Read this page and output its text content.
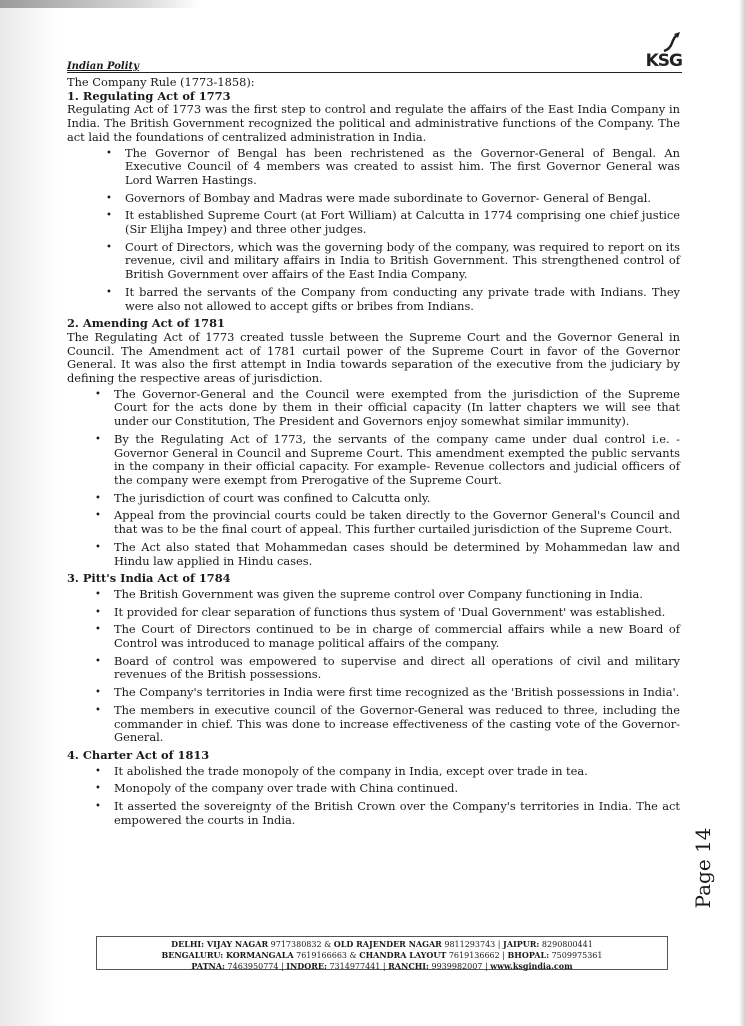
Indian Polity	KSG

The Company Rule (1773-1858):

1. Regulating Act of 1773

Regulating Act of 1773 was the first step to control and regulate the affairs of the East India Company in India. The British Government recognized the political and administrative functions of the Company. The act laid the foundations of centralized administration in India.

• The Governor of Bengal has been rechristened as the Governor-General of Bengal. An Executive Council of 4 members was created to assist him. The first Governor General was Lord Warren Hastings.
• Governors of Bombay and Madras were made subordinate to Governor- General of Bengal.
• It established Supreme Court (at Fort William) at Calcutta in 1774 comprising one chief justice (Sir Elijha Impey) and three other judges.
• Court of Directors, which was the governing body of the company, was required to report on its revenue, civil and military affairs in India to British Government. This strengthened control of British Government over affairs of the East India Company.
• It barred the servants of the Company from conducting any private trade with Indians. They were also not allowed to accept gifts or bribes from Indians.
2. Amending Act of 1781

The Regulating Act of 1773 created tussle between the Supreme Court and the Governor General in Council. The Amendment act of 1781 curtail power of the Supreme Court in favor of the Governor General. It was also the first attempt in India towards separation of the executive from the judiciary by defining the respective areas of jurisdiction.

• The Governor-General and the Council were exempted from the jurisdiction of the Supreme Court for the acts done by them in their official capacity (In latter chapters we will see that under our Constitution, The President and Governors enjoy somewhat similar immunity).
• By the Regulating Act of 1773, the servants of the company came under dual control i.e. - Governor General in Council and Supreme Court. This amendment exempted the public servants in the company in their official capacity. For example- Revenue collectors and judicial officers of the company were exempt from Prerogative of the Supreme Court.
• The jurisdiction of court was confined to Calcutta only.
• Appeal from the provincial courts could be taken directly to the Governor General's Council and that was to be the final court of appeal. This further curtailed jurisdiction of the Supreme Court.
• The Act also stated that Mohammedan cases should be determined by Mohammedan law and Hindu law applied in Hindu cases.
3. Pitt's India Act of 1784
• The British Government was given the supreme control over Company functioning in India.
• It provided for clear separation of functions thus system of 'Dual Government' was established.
• The Court of Directors continued to be in charge of commercial affairs while a new Board of Control was introduced to manage political affairs of the company.
• Board of control was empowered to supervise and direct all operations of civil and military revenues of the British possessions.
• The Company's territories in India were first time recognized as the 'British possessions in India'.
• The members in executive council of the Governor-General was reduced to three, including the commander in chief. This was done to increase effectiveness of the casting vote of the Governor-General.
4. Charter Act of 1813
• It abolished the trade monopoly of the company in India, except over trade in tea.
• Monopoly of the company over trade with China continued.
• It asserted the sovereignty of the British Crown over the Company's territories in India. The act empowered the courts in India.
Page 14
DELHI: VIJAY NAGAR 9717380832 & OLD RAJENDER NAGAR 9811293743 | JAIPUR: 8290800441
BENGALURU: KORMANGALA 7619166663 & CHANDRA LAYOUT 7619136662 | BHOPAL: 7509975361
PATNA: 7463950774 | INDORE: 7314977441 | RANCHI: 9939982007 | www.ksgindia.com
